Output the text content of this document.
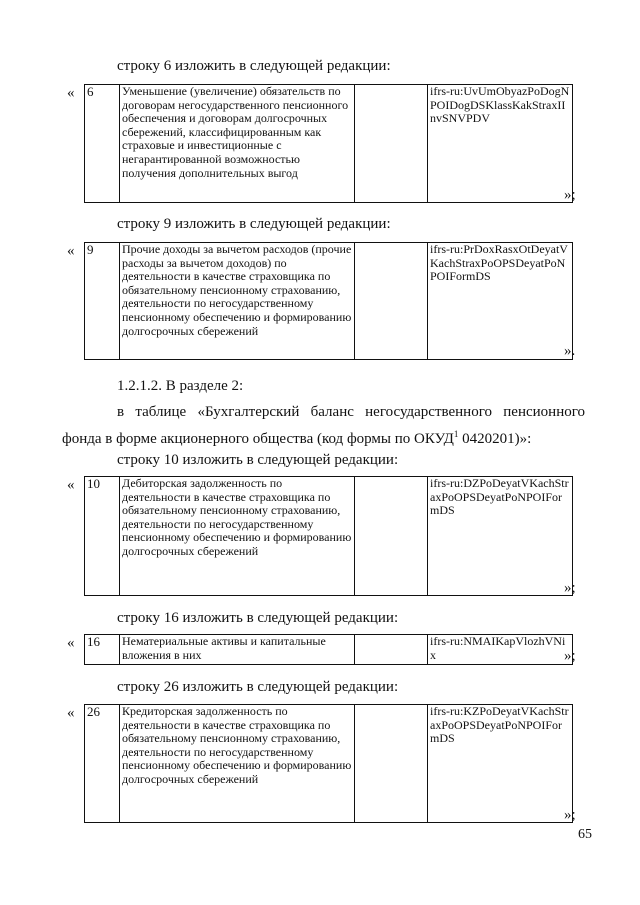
строку 6 изложить в следующей редакции:
« 6	Уменьшение (увеличение) обязательств по договорам негосударственного пенсионного обеспечения и договорам долгосрочных сбережений, классифицированным как страховые и инвестиционные с негарантированной возможностью получения дополнительных выгод		ifrs-ru:UvUmObyazPoDogNPOIDogDSKlassKakStraxIInvSNVPDV
»;
строку 9 изложить в следующей редакции:
« 9	Прочие доходы за вычетом расходов (прочие расходы за вычетом доходов) по деятельности в качестве страховщика по обязательному пенсионному страхованию, деятельности по негосударственному пенсионному обеспечению и формированию долгосрочных сбережений		ifrs-ru:PrDoxRasxOtDeyatVKachStraxPoOPSDeyatPoNPOIFormDS
».
1.2.1.2. В разделе 2:
в таблице «Бухгалтерский баланс негосударственного пенсионного
фонда в форме акционерного общества (код формы по ОКУД$^1$ 0420201)»:
строку 10 изложить в следующей редакции:
« 10	Дебиторская задолженность по деятельности в качестве страховщика по обязательному пенсионному страхованию, деятельности по негосударственному пенсионному обеспечению и формированию долгосрочных сбережений		ifrs-ru:DZPoDeyatVKachStraxPoOPSDeyatPoNPOIFormDS
»;
строку 16 изложить в следующей редакции:
« 16	Нематериальные активы и капитальные вложения в них		ifrs-ru:NMAIKapVlozhVNix	»;
строку 26 изложить в следующей редакции:
« 26	Кредиторская задолженность по деятельности в качестве страховщика по обязательному пенсионному страхованию, деятельности по негосударственному пенсионному обеспечению и формированию долгосрочных сбережений		ifrs-ru:KZPoDeyatVKachStraxPoOPSDeyatPoNPOIFormDS
»;
65
